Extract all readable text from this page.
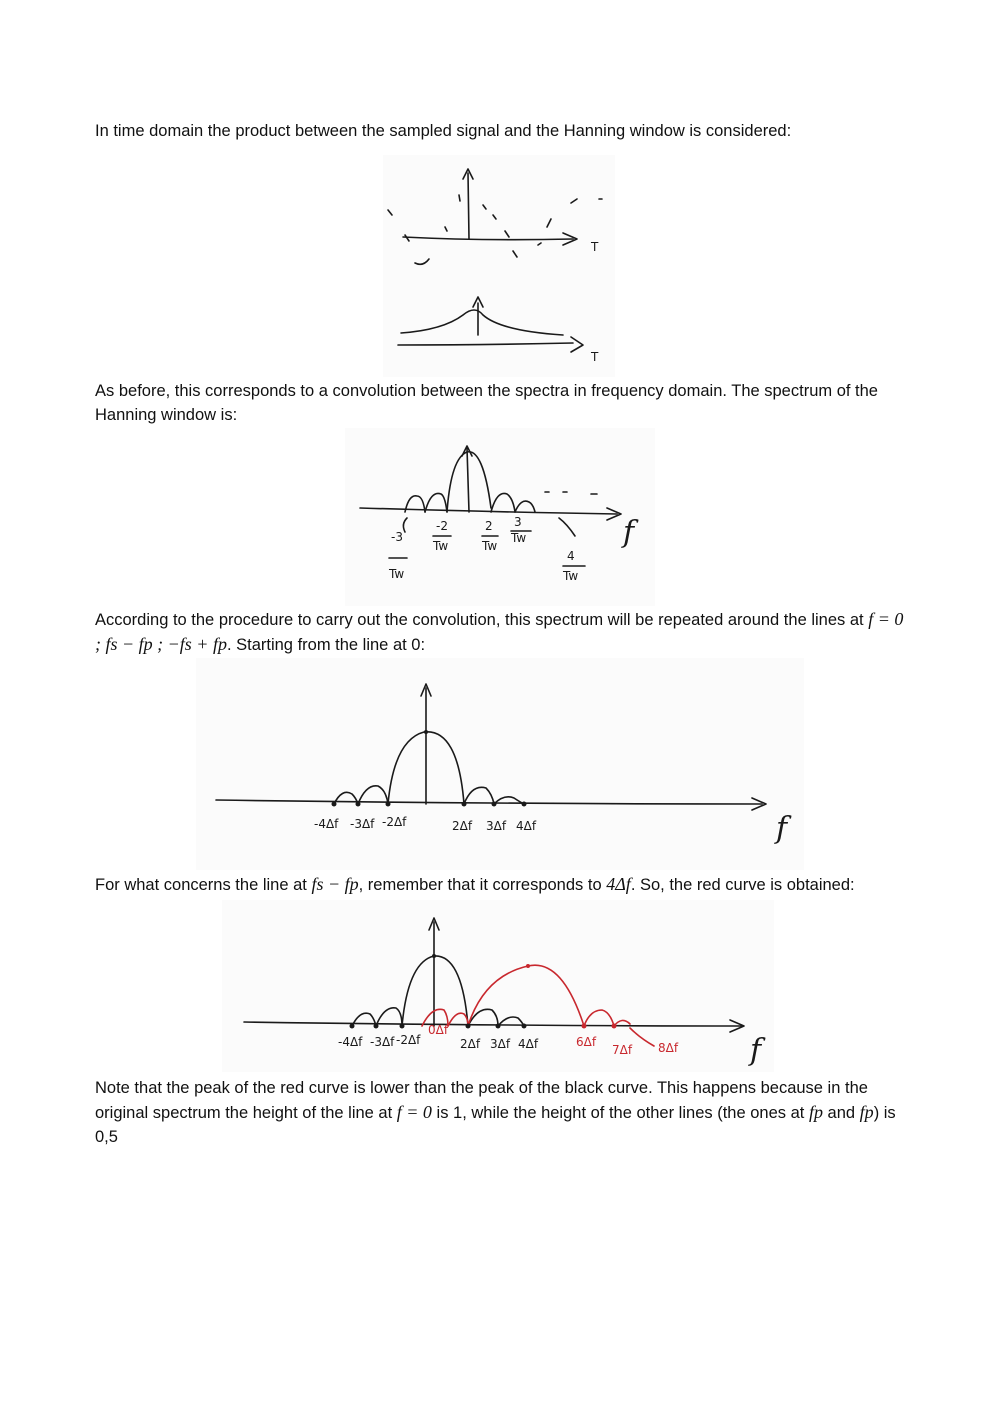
In time domain the product between the sampled signal and the Hanning window is considered:

T
T

As before, this corresponds to a convolution between the spectra in frequency domain. The spectrum of the Hanning window is:

-3
Tw
-2
Tw
2
Tw
3
Tw
4
Tw
f

According to the procedure to carry out the convolution, this spectrum will be repeated around the lines at f = 0 ; fs − fp ; −fs + fp. Starting from the line at 0:

-4Δf -3Δf -2Δf	2Δf 3Δf 4Δf	f

For what concerns the line at fs − fp, remember that it corresponds to 4Δf. So, the red curve is obtained:

-4Δf -3Δf -2Δf
0Δf
2Δf 3Δf 4Δf	6Δf
7Δf 8Δf f

Note that the peak of the red curve is lower than the peak of the black curve. This happens because in the original spectrum the height of the line at f = 0 is 1, while the height of the other lines (the ones at fp and fp) is 0,5
